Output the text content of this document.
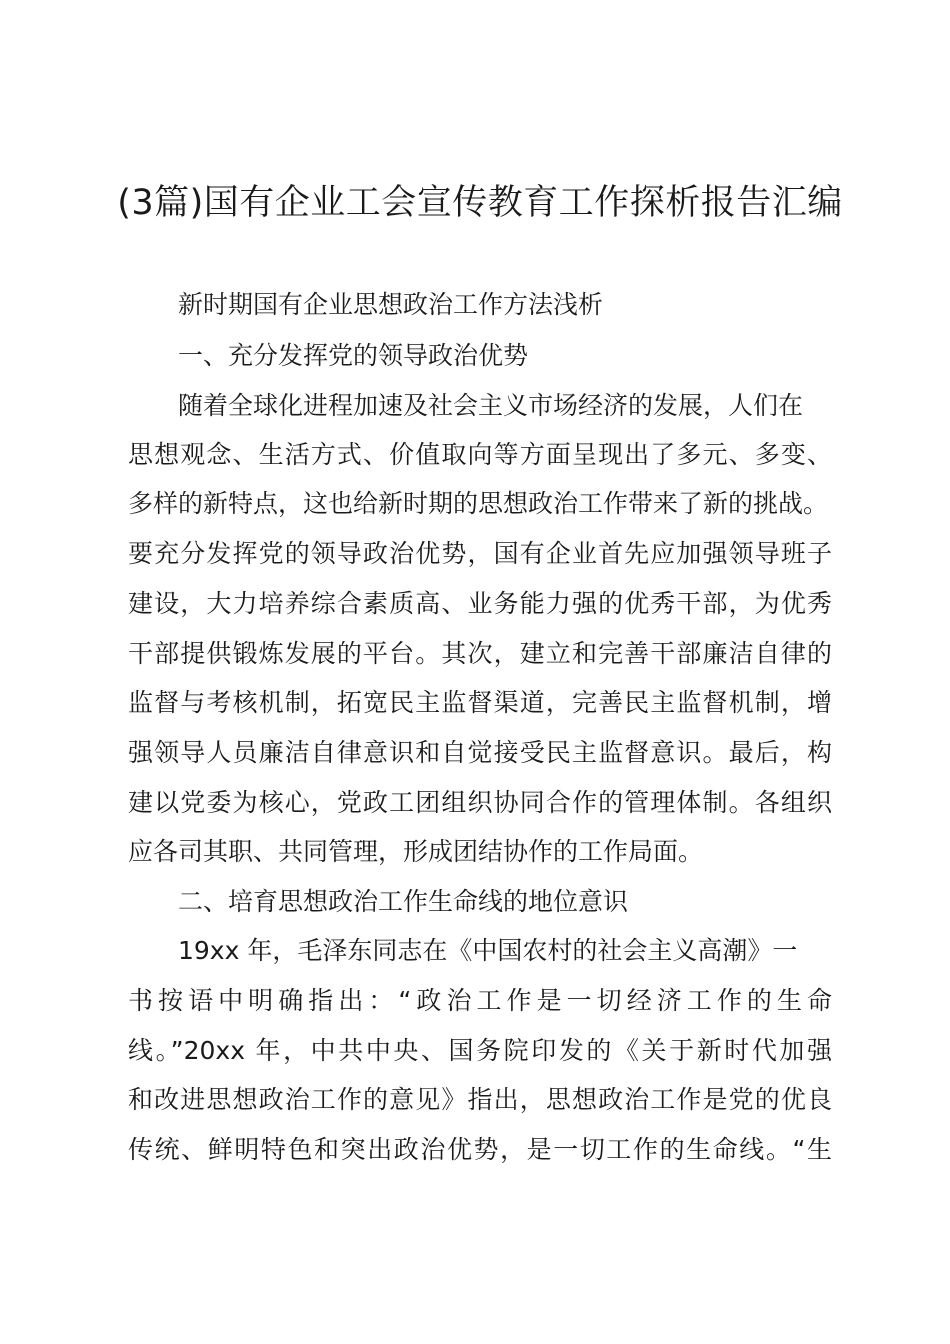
(3篇)国有企业工会宣传教育工作探析报告汇编

新时期国有企业思想政治工作方法浅析

一、充分发挥党的领导政治优势

随着全球化进程加速及社会主义市场经济的发展，人们在

思想观念、生活方式、价值取向等方面呈现出了多元、多变、

多样的新特点，这也给新时期的思想政治工作带来了新的挑战。

要充分发挥党的领导政治优势，国有企业首先应加强领导班子

建设，大力培养综合素质高、业务能力强的优秀干部，为优秀

干部提供锻炼发展的平台。其次，建立和完善干部廉洁自律的

监督与考核机制，拓宽民主监督渠道，完善民主监督机制，增

强领导人员廉洁自律意识和自觉接受民主监督意识。最后，构

建以党委为核心，党政工团组织协同合作的管理体制。各组织

应各司其职、共同管理，形成团结协作的工作局面。

二、培育思想政治工作生命线的地位意识

19xx 年，毛泽东同志在《中国农村的社会主义高潮》一

书按语中明确指出：“政治工作是一切经济工作的生命

线。”20xx 年，中共中央、国务院印发的《关于新时代加强

和改进思想政治工作的意见》指出，思想政治工作是党的优良

传统、鲜明特色和突出政治优势，是一切工作的生命线。“生
